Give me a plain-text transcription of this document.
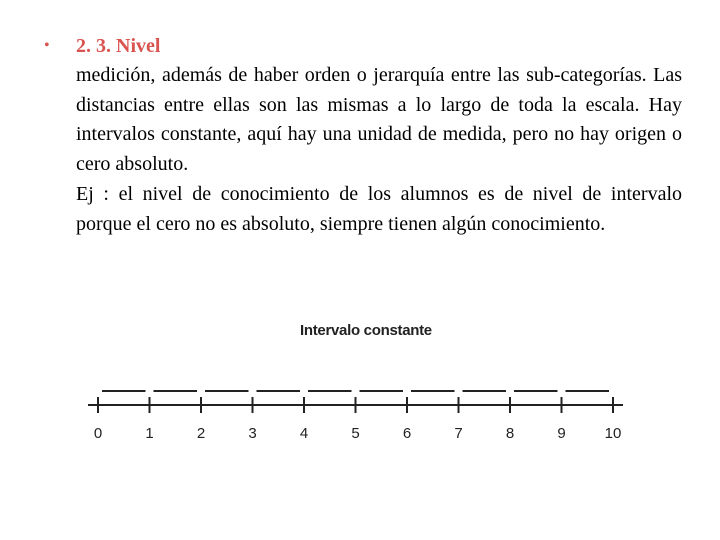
• 2. 3. Nivel

medición, además de haber orden o jerarquía entre las sub-categorías. Las distancias entre ellas son las mismas a lo largo de toda la escala. Hay intervalos constante, aquí hay una unidad de medida, pero no hay origen o cero absoluto.

Ej : el nivel de conocimiento de los alumnos es de nivel de intervalo porque el cero no es absoluto, siempre tienen algún conocimiento.

Intervalo constante
0	1	2	3	4	5	6	7	8	9	10
